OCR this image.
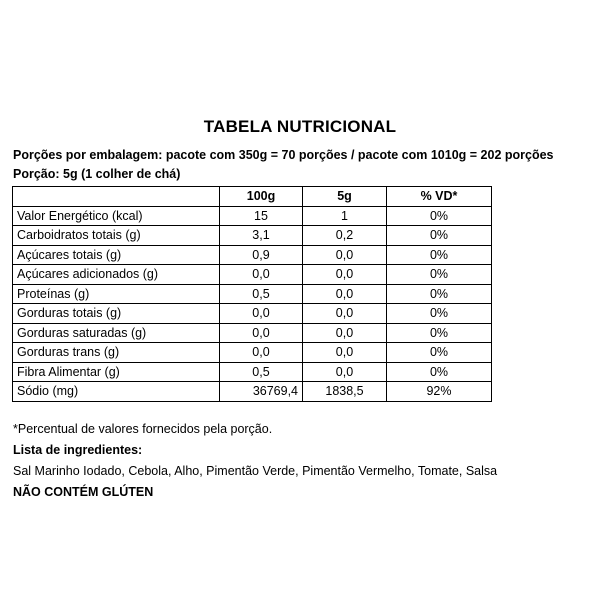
TABELA NUTRICIONAL
Porções por embalagem: pacote com 350g = 70 porções / pacote com 1010g = 202 porções
Porção: 5g (1 colher de chá)
	100g	5g	% VD*
Valor Energético (kcal)	15	1	0%
Carboidratos totais (g)	3,1	0,2	0%
Açúcares totais (g)	0,9	0,0	0%
Açúcares adicionados (g)	0,0	0,0	0%
Proteínas (g)	0,5	0,0	0%
Gorduras totais (g)	0,0	0,0	0%
Gorduras saturadas (g)	0,0	0,0	0%
Gorduras trans (g)	0,0	0,0	0%
Fibra Alimentar (g)	0,5	0,0	0%
Sódio (mg)	36769,4	1838,5	92%
*Percentual de valores fornecidos pela porção.
Lista de ingredientes:
Sal Marinho Iodado, Cebola, Alho, Pimentão Verde, Pimentão Vermelho, Tomate, Salsa
NÃO CONTÉM GLÚTEN
